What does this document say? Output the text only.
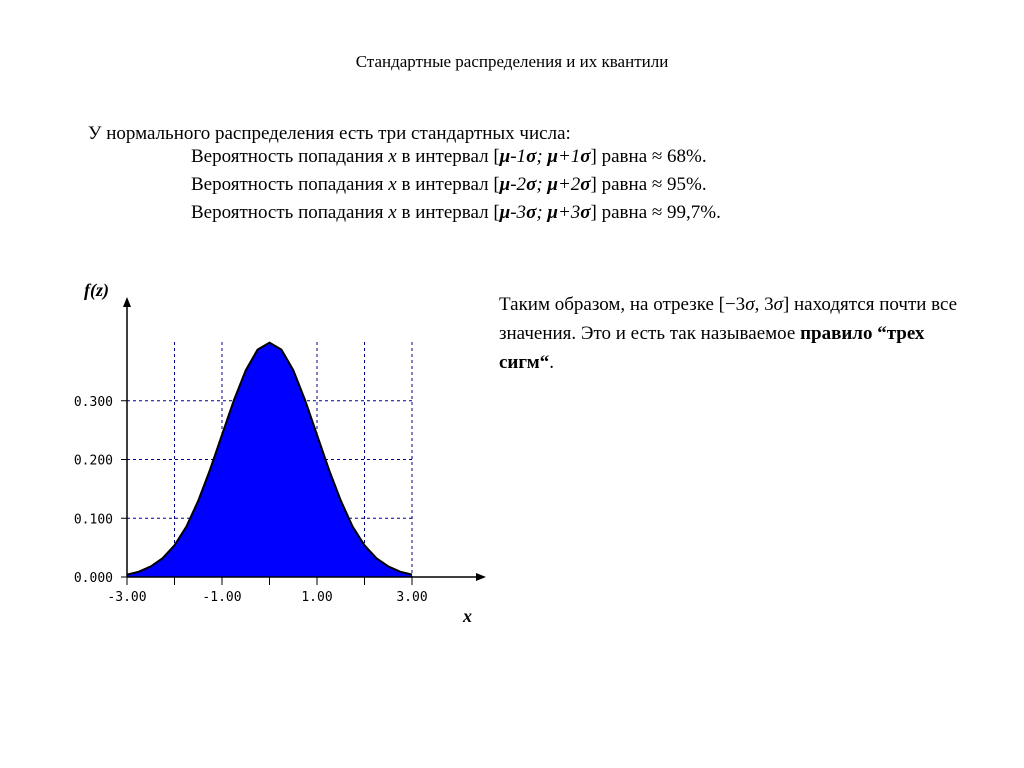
Стандартные распределения и их квантили
У нормального распределения есть три стандартных числа:
Вероятность попадания x в интервал [μ-1σ; μ+1σ] равна ≈ 68%.
Вероятность попадания x в интервал [μ-2σ; μ+2σ] равна ≈ 95%.
Вероятность попадания x в интервал [μ-3σ; μ+3σ] равна ≈ 99,7%.
Таким образом, на отрезке [−3σ, 3σ] находятся почти все значения. Это и есть так называемое правило “трех сигм“.
-3.00	-1.00	1.00	3.00
0.000
0.100
0.200
0.300
f(z)
x
